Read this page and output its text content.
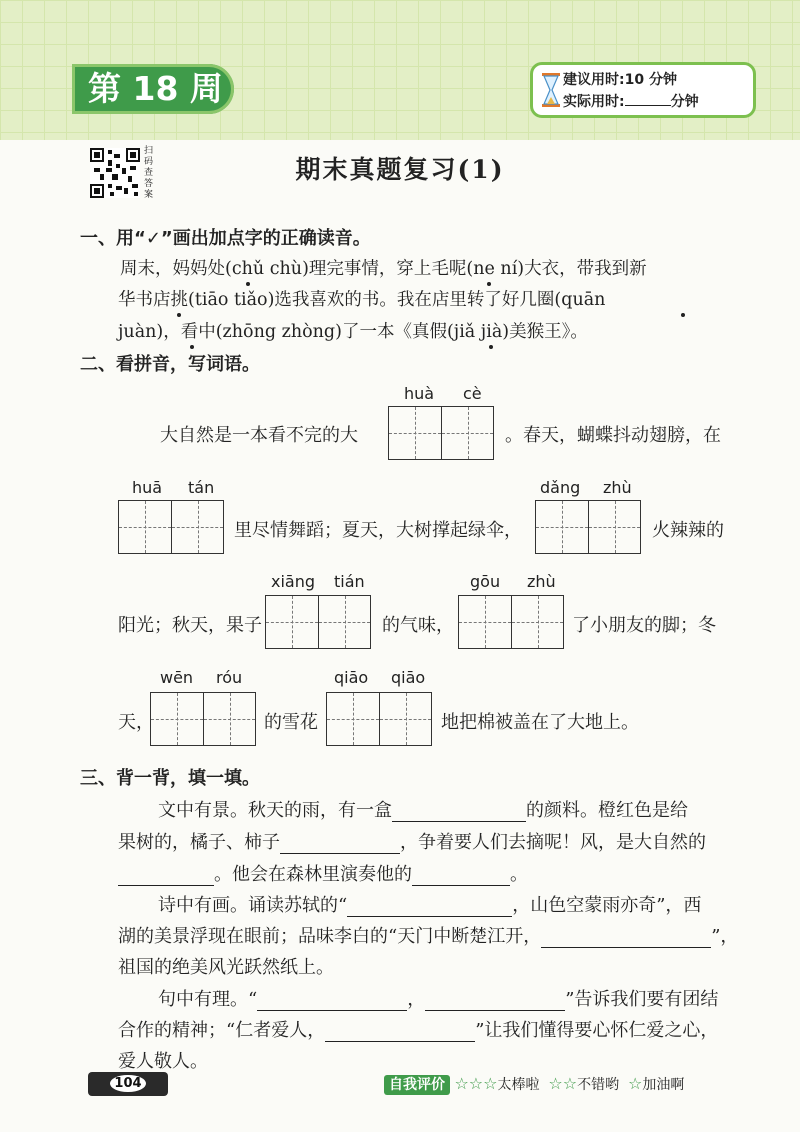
第 18 周	建议用时:10 分钟
实际用时:	分钟
扫码查答案
期末真题复习(1)
一、用“✓”画出加点字的正确读音。
周末，妈妈处(chǔ chù)理完事情，穿上毛呢(ne ní)大衣，带我到新
华书店挑(tiāo tiǎo)选我喜欢的书。我在店里转了好几圈(quān
juàn)，看中(zhōng zhòng)了一本《真假(jiǎ jià)美猴王》。
二、看拼音，写词语。
huà cè
大自然是一本看不完的大	。春天，蝴蝶抖动翅膀，在
huā tán
里尽情舞蹈；夏天，大树撑起绿伞，
dǎng zhù
火辣辣的
阳光；秋天，果子
xiāng tián
的气味，
gōu zhù
了小朋友的脚；冬
天，
wēn róu
的雪花
qiāo qiāo
地把棉被盖在了大地上。
三、背一背，填一填。
文中有景。秋天的雨，有一盒	的颜料。橙红色是给
果树的，橘子、柿子	，争着要人们去摘呢！风，是大自然的
。他会在森林里演奏他的	。
诗中有画。诵读苏轼的“	，山色空蒙雨亦奇”，西
湖的美景浮现在眼前；品味李白的“天门中断楚江开，	”，
祖国的绝美风光跃然纸上。
句中有理。“	，	”告诉我们要有团结
合作的精神；“仁者爱人，	”让我们懂得要心怀仁爱之心，
爱人敬人。
104	自我评价 ☆☆☆太棒啦 ☆☆不错哟 ☆加油啊
